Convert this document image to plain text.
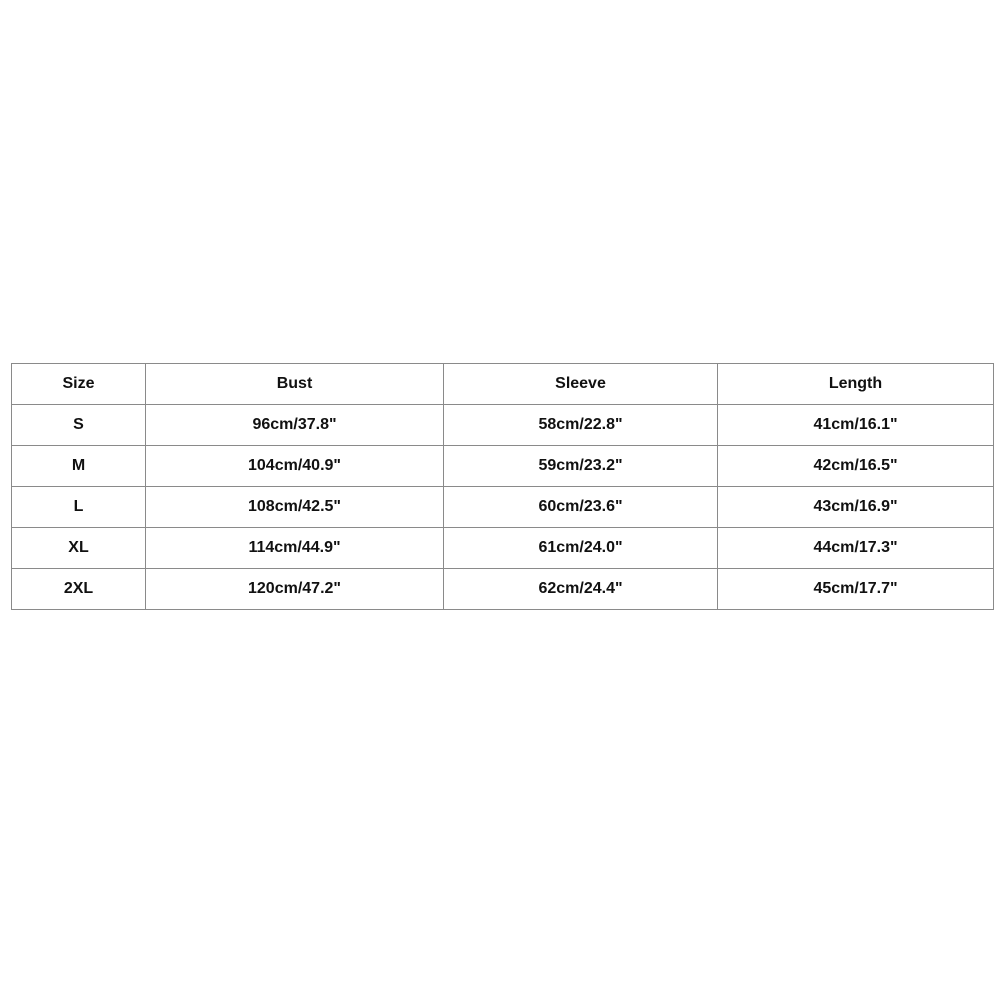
Size	Bust	Sleeve	Length
S	96cm/37.8"	58cm/22.8"	41cm/16.1"
M	104cm/40.9"	59cm/23.2"	42cm/16.5"
L	108cm/42.5"	60cm/23.6"	43cm/16.9"
XL	114cm/44.9"	61cm/24.0"	44cm/17.3"
2XL	120cm/47.2"	62cm/24.4"	45cm/17.7"
